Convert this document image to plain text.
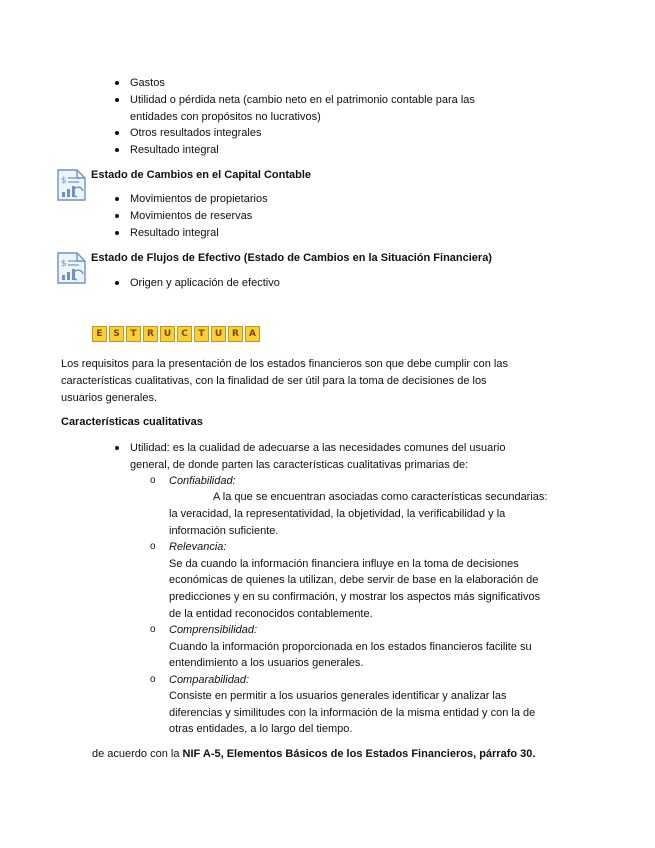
Gastos
Utilidad o pérdida neta (cambio neto en el patrimonio contable para las
entidades con propósitos no lucrativos)
Otros resultados integrales
Resultado integral
$ Estado de Cambios en el Capital Contable
Movimientos de propietarios
Movimientos de reservas
Resultado integral
$ Estado de Flujos de Efectivo (Estado de Cambios en la Situación Financiera)
Origen y aplicación de efectivo
E	S	T	R	U	C	T	U	R	A
Los requisitos para la presentación de los estados financieros son que debe cumplir con las
características cualitativas, con la finalidad de ser útil para la toma de decisiones de los
usuarios generales.
Características cualitativas
Utilidad: es la cualidad de adecuarse a las necesidades comunes del usuario
general, de donde parten las características cualitativas primarias de:
o Confiabilidad:
A la que se encuentran asociadas como características secundarias:
la veracidad, la representatividad, la objetividad, la verificabilidad y la
información suficiente.
o Relevancia:
Se da cuando la información financiera influye en la toma de decisiones
económicas de quienes la utilizan, debe servir de base en la elaboración de
predicciones y en su confirmación, y mostrar los aspectos más significativos
de la entidad reconocidos contablemente.
o Comprensibilidad:
Cuando la información proporcionada en los estados financieros facilite su
entendimiento a los usuarios generales.
o Comparabilidad:
Consiste en permitir a los usuarios generales identificar y analizar las
diferencias y similitudes con la información de la misma entidad y con la de
otras entidades, a lo largo del tiempo.
de acuerdo con la NIF A-5, Elementos Básicos de los Estados Financieros, párrafo 30.
